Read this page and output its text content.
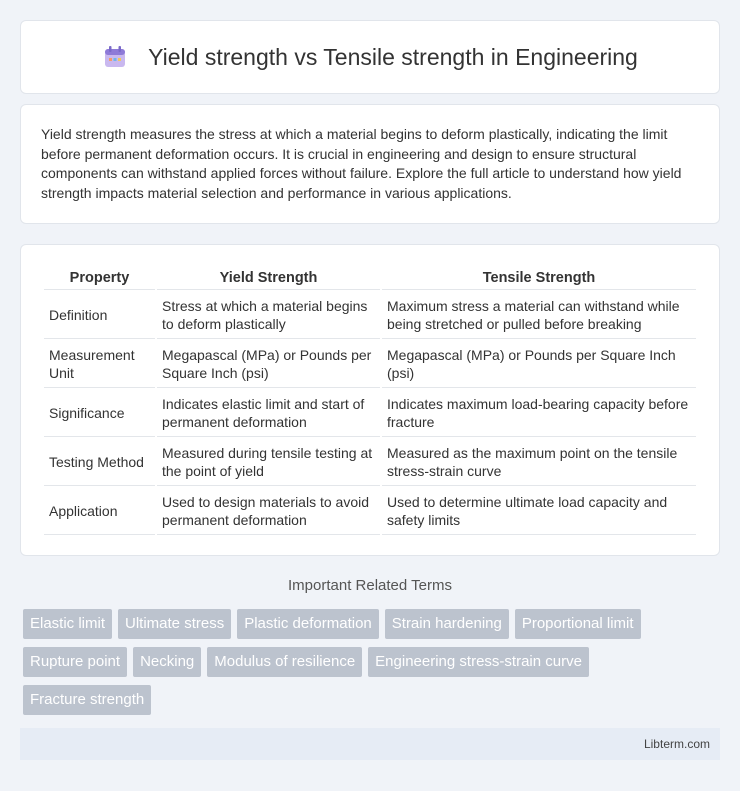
Yield strength vs Tensile strength in Engineering

Yield strength measures the stress at which a material begins to deform plastically, indicating the limit before permanent deformation occurs. It is crucial in engineering and design to ensure structural components can withstand applied forces without failure. Explore the full article to understand how yield strength impacts material selection and performance in various applications.

Property	Yield Strength	Tensile Strength
Definition	Stress at which a material begins to deform plastically	Maximum stress a material can withstand while being stretched or pulled before breaking
Measurement Unit	Megapascal (MPa) or Pounds per Square Inch (psi)	Megapascal (MPa) or Pounds per Square Inch (psi)
Significance	Indicates elastic limit and start of permanent deformation	Indicates maximum load-bearing capacity before fracture
Testing Method	Measured during tensile testing at the point of yield	Measured as the maximum point on the tensile stress-strain curve
Application	Used to design materials to avoid permanent deformation	Used to determine ultimate load capacity and safety limits
Important Related Terms
Elastic limit	Ultimate stress	Plastic deformation	Strain hardening	Proportional limit
Rupture point	Necking	Modulus of resilience	Engineering stress-strain curve
Fracture strength
Libterm.com
